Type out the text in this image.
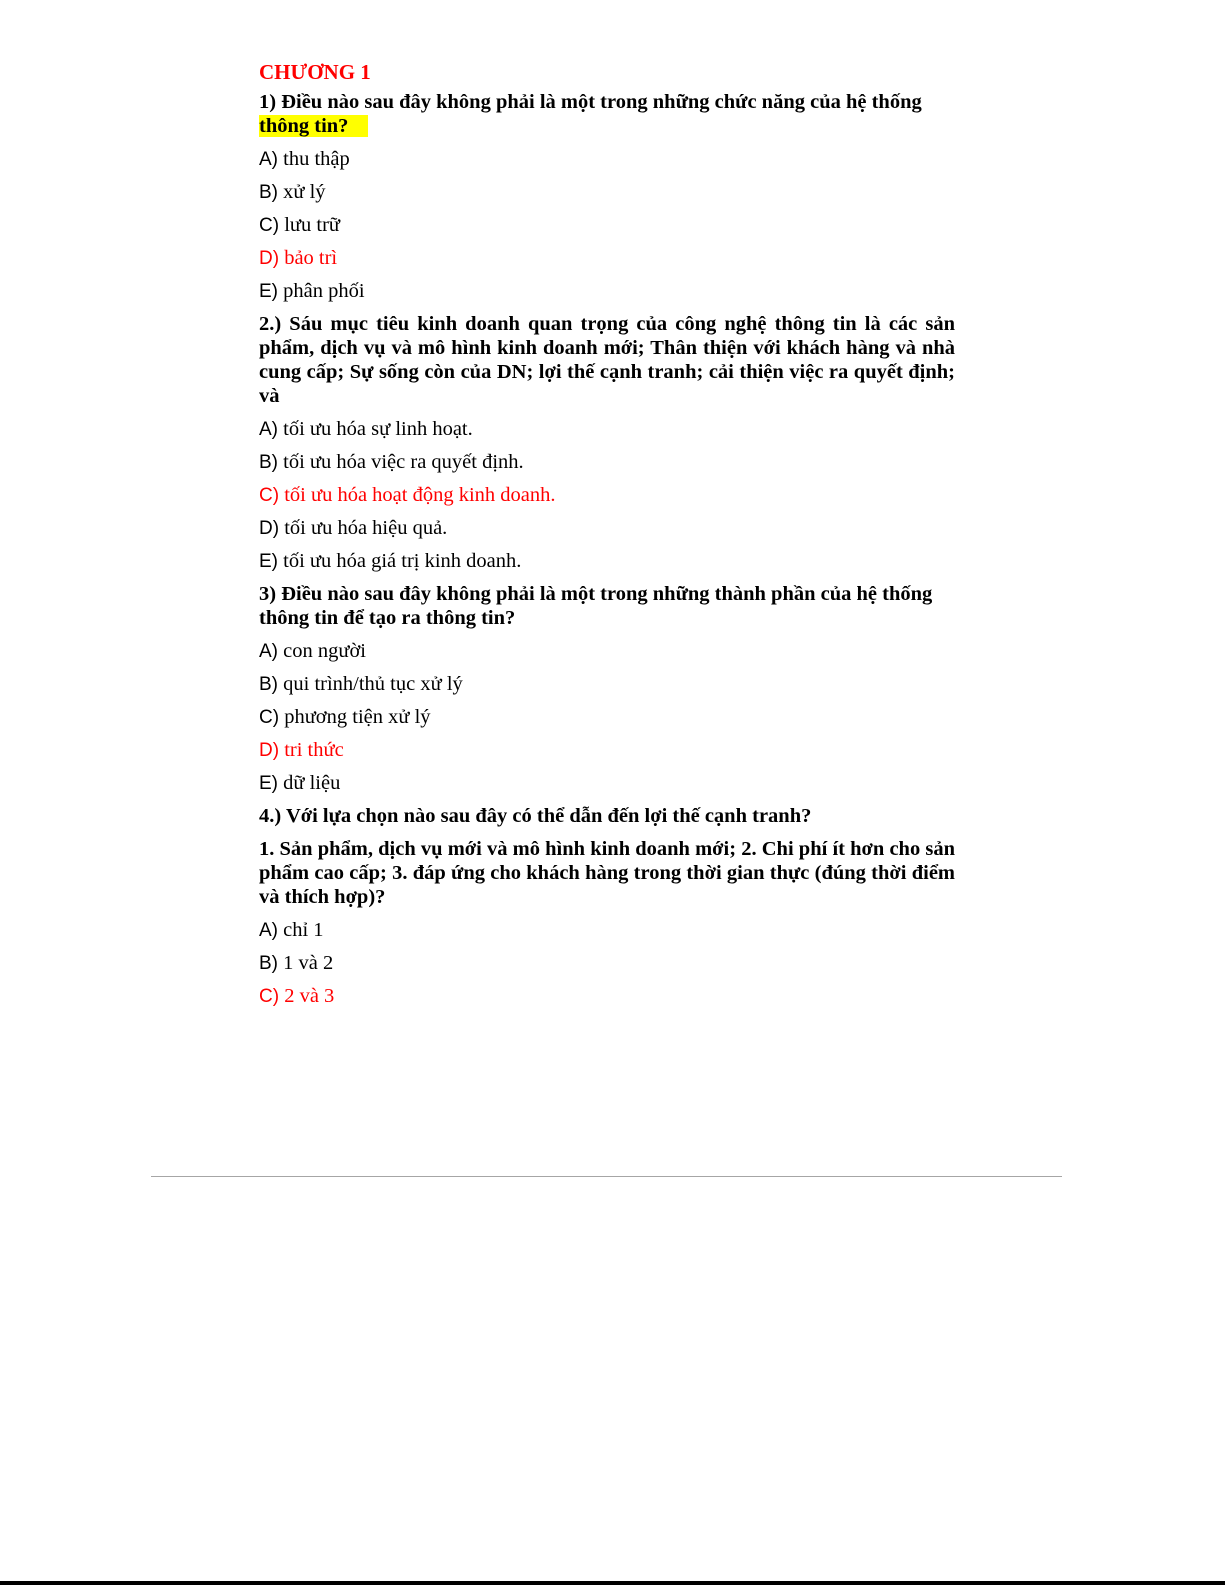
CHƯƠNG 1
1) Điều nào sau đây không phải là một trong những chức năng của hệ thống
thông tin?
A) thu thập
B) xử lý
C) lưu trữ
D) bảo trì
E) phân phối
2.) Sáu mục tiêu kinh doanh quan trọng của công nghệ thông tin là các sản phẩm, dịch vụ và mô hình kinh doanh mới; Thân thiện với khách hàng và nhà cung cấp; Sự sống còn của DN; lợi thế cạnh tranh; cải thiện việc ra quyết định; và
A) tối ưu hóa sự linh hoạt.
B) tối ưu hóa việc ra quyết định.
C) tối ưu hóa hoạt động kinh doanh.
D) tối ưu hóa hiệu quả.
E) tối ưu hóa giá trị kinh doanh.
3) Điều nào sau đây không phải là một trong những thành phần của hệ thống thông tin để tạo ra thông tin?
A) con người
B) qui trình/thủ tục xử lý
C) phương tiện xử lý
D) tri thức
E) dữ liệu
4.) Với lựa chọn nào sau đây có thể dẫn đến lợi thế cạnh tranh?
1. Sản phẩm, dịch vụ mới và mô hình kinh doanh mới; 2. Chi phí ít hơn cho sản phẩm cao cấp; 3. đáp ứng cho khách hàng trong thời gian thực (đúng thời điểm và thích hợp)?
A) chỉ 1
B) 1 và 2
C) 2 và 3
